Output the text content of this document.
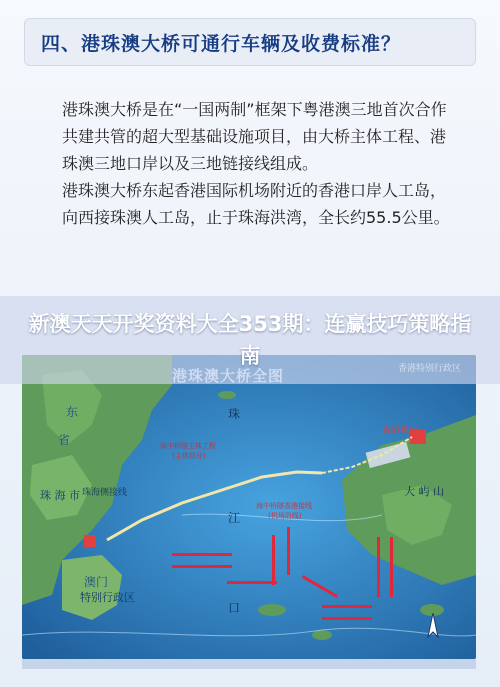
四、港珠澳大桥可通行车辆及收费标准？

港珠澳大桥是在“一国两制”框架下粤港澳三地首次合作共建共管的超大型基础设施项目，由大桥主体工程、港珠澳三地口岸以及三地链接线组成。

港珠澳大桥东起香港国际机场附近的香港口岸人工岛，向西接珠澳人工岛，止于珠海洪湾，全长约55.5公里。

东
省
珠 海 市 珠海侧接线
澳门
特别行政区
珠
江
口
香港机场
大 屿 山
海中桥隧主体工程
(主体部分)
海中桥隧香港接线
(机场沿线)
新澳天天开奖资料大全353期：连赢技巧策略指南
